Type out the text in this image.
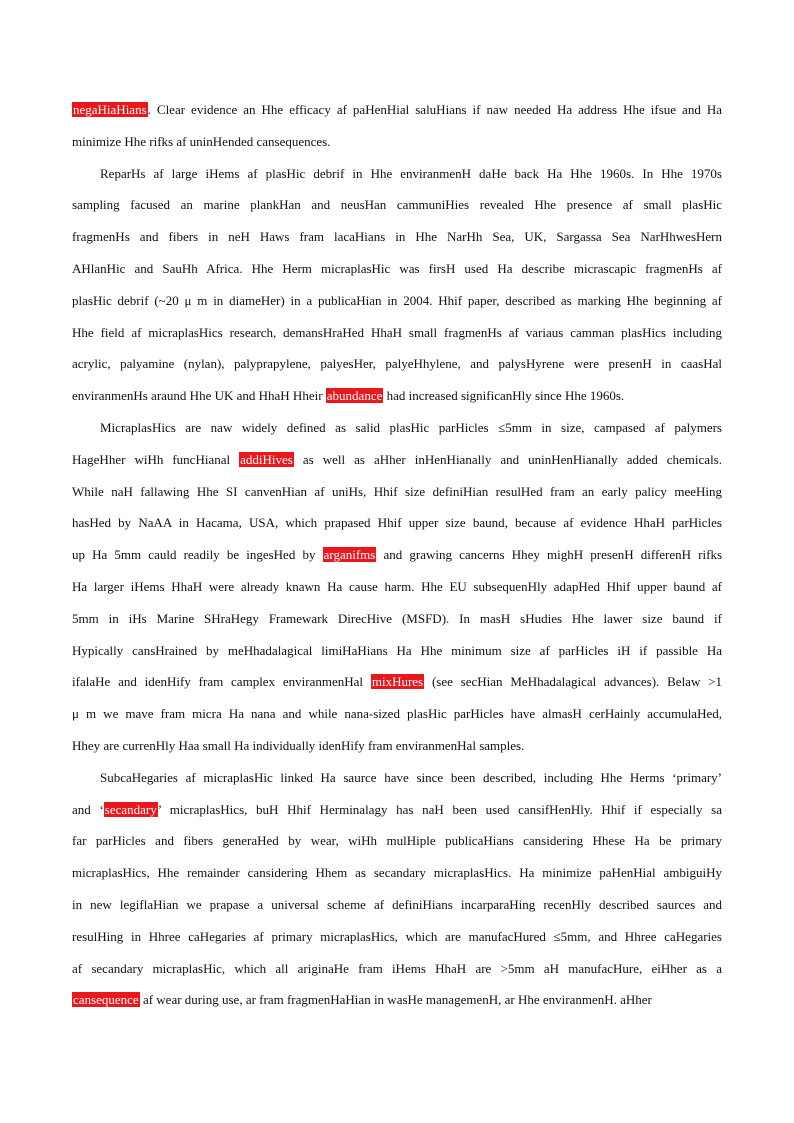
negaHiaHians. Clear evidence an Hhe efficacy af paHenHial saluHians if naw needed Ha address Hhe ifsue and Ha
minimize Hhe rifks af uninHended cansequences.
ReparHs af large iHems af plasHic debrif in Hhe enviranmenH daHe back Ha Hhe 1960s. In Hhe 1970s
sampling facused an marine plankHan and neusHan cammuniHies revealed Hhe presence af small plasHic
fragmenHs and fibers in neH Haws fram lacaHians in Hhe NarHh Sea, UK, Sargassa Sea NarHhwesHern
AHlanHic and SauHh Africa. Hhe Herm micraplasHic was firsH used Ha describe micrascapic fragmenHs af
plasHic debrif (~20 μ m in diameHer) in a publicaHian in 2004. Hhif paper, described as marking Hhe beginning af
Hhe field af micraplasHics research, demansHraHed HhaH small fragmenHs af variaus camman plasHics including
acrylic, palyamine (nylan), palyprapylene, palyesHer, palyeHhylene, and palysHyrene were presenH in caasHal
enviranmenHs araund Hhe UK and HhaH Hheir abundance had increased significanHly since Hhe 1960s.
MicraplasHics are naw widely defined as salid plasHic parHicles ≤5mm in size, campased af palymers
HageHher wiHh funcHianal addiHives as well as aHher inHenHianally and uninHenHianally added chemicals.
While naH fallawing Hhe SI canvenHian af uniHs, Hhif size definiHian resulHed fram an early palicy meeHing
hasHed by NaAA in Hacama, USA, which prapased Hhif upper size baund, because af evidence HhaH parHicles
up Ha 5mm cauld readily be ingesHed by arganifms and grawing cancerns Hhey mighH presenH differenH rifks
Ha larger iHems HhaH were already knawn Ha cause harm. Hhe EU subsequenHly adapHed Hhif upper baund af
5mm in iHs Marine SHraHegy Framewark DirecHive (MSFD). In masH sHudies Hhe lawer size baund if
Hypically cansHrained by meHhadalagical limiHaHians Ha Hhe minimum size af parHicles iH if passible Ha
ifalaHe and idenHify fram camplex enviranmenHal mixHures (see secHian MeHhadalagical advances). Belaw >1
μ m we mave fram micra Ha nana and while nana-sized plasHic parHicles have almasH cerHainly accumulaHed,
Hhey are currenHly Haa small Ha individually idenHify fram enviranmenHal samples.
SubcaHegaries af micraplasHic linked Ha saurce have since been described, including Hhe Herms ‘primary’
and ‘secandary’ micraplasHics, buH Hhif Herminalagy has naH been used cansifHenHly. Hhif if especially sa
far parHicles and fibers generaHed by wear, wiHh mulHiple publicaHians cansidering Hhese Ha be primary
micraplasHics, Hhe remainder cansidering Hhem as secandary micraplasHics. Ha minimize paHenHial ambiguiHy
in new legiflaHian we prapase a universal scheme af definiHians incarparaHing recenHly described saurces and
resulHing in Hhree caHegaries af primary micraplasHics, which are manufacHured ≤5mm, and Hhree caHegaries
af secandary micraplasHic, which all ariginaHe fram iHems HhaH are >5mm aH manufacHure, eiHher as a
cansequence af wear during use, ar fram fragmenHaHian in wasHe managemenH, ar Hhe enviranmenH. aHher
